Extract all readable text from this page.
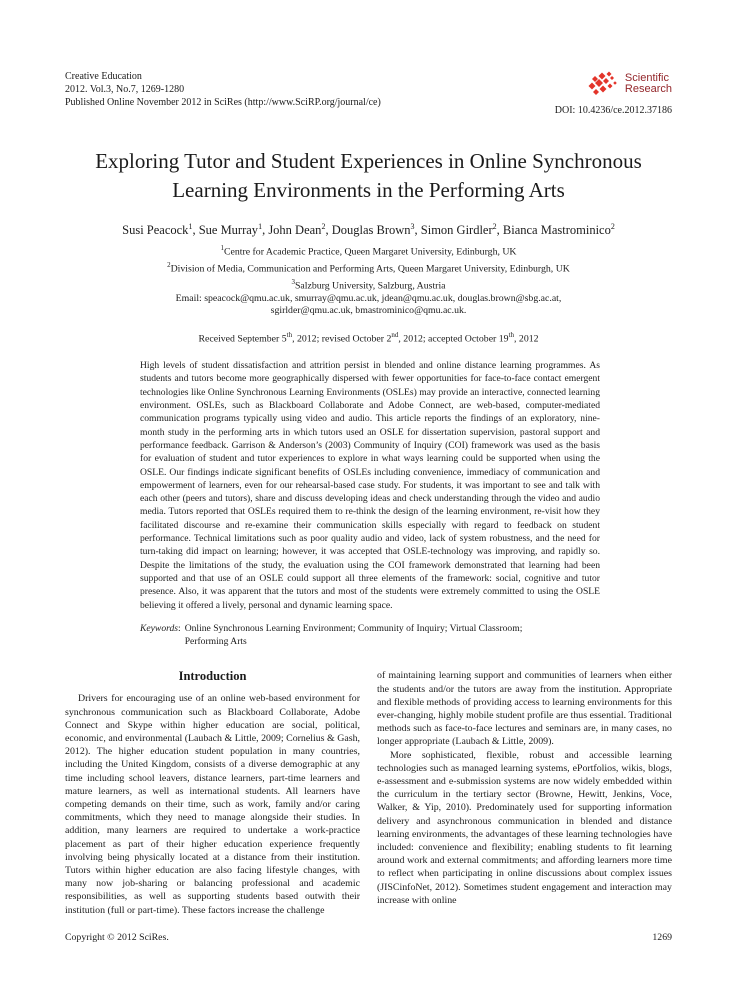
Creative Education
2012. Vol.3, No.7, 1269-1280
Published Online November 2012 in SciRes (http://www.SciRP.org/journal/ce)
Scientific
Research
DOI: 10.4236/ce.2012.37186
Exploring Tutor and Student Experiences in Online Synchronous
Learning Environments in the Performing Arts
Susi Peacock$^1$, Sue Murray$^1$, John Dean$^2$, Douglas Brown$^3$, Simon Girdler$^2$, Bianca Mastrominico$^2$
$^1$Centre for Academic Practice, Queen Margaret University, Edinburgh, UK
$^2$Division of Media, Communication and Performing Arts, Queen Margaret University, Edinburgh, UK
$^3$Salzburg University, Salzburg, Austria
Email: speacock@qmu.ac.uk, smurray@qmu.ac.uk, jdean@qmu.ac.uk, douglas.brown@sbg.ac.at,
sgirlder@qmu.ac.uk, bmastrominico@qmu.ac.uk.
Received September 5th, 2012; revised October 2nd, 2012; accepted October 19th, 2012
High levels of student dissatisfaction and attrition persist in blended and online distance learning programmes. As students and tutors become more geographically dispersed with fewer opportunities for face-to-face contact emergent technologies like Online Synchronous Learning Environments (OSLEs) may provide an interactive, connected learning environment. OSLEs, such as Blackboard Collaborate and Adobe Connect, are web-based, computer-mediated communication programs typically using video and audio. This article reports the findings of an exploratory, nine-month study in the performing arts in which tutors used an OSLE for dissertation supervision, pastoral support and performance feedback. Garrison & Anderson’s (2003) Community of Inquiry (COI) framework was used as the basis for evaluation of student and tutor experiences to explore in what ways learning could be supported when using the OSLE. Our findings indicate significant benefits of OSLEs including convenience, immediacy of communication and empowerment of learners, even for our rehearsal-based case study. For students, it was important to see and talk with each other (peers and tutors), share and discuss developing ideas and check understanding through the video and audio media. Tutors reported that OSLEs required them to re-think the design of the learning environment, re-visit how they facilitated discourse and re-examine their communication skills especially with regard to feedback on student performance. Technical limitations such as poor quality audio and video, lack of system robustness, and the need for turn-taking did impact on learning; however, it was accepted that OSLE-technology was improving, and rapidly so. Despite the limitations of the study, the evaluation using the COI framework demonstrated that learning had been supported and that use of an OSLE could support all three elements of the framework: social, cognitive and tutor presence. Also, it was apparent that the tutors and most of the students were extremely committed to using the OSLE believing it offered a lively, personal and dynamic learning space.
Keywords: Online Synchronous Learning Environment; Community of Inquiry; Virtual Classroom;
Performing Arts
Introduction

Drivers for encouraging use of an online web-based environment for synchronous communication such as Blackboard Collaborate, Adobe Connect and Skype within higher education are social, political, economic, and environmental (Laubach & Little, 2009; Cornelius & Gash, 2012). The higher education student population in many countries, including the United Kingdom, consists of a diverse demographic at any time including school leavers, distance learners, part-time learners and mature learners, as well as international students. All learners have competing demands on their time, such as work, family and/or caring commitments, which they need to manage alongside their studies. In addition, many learners are required to undertake a work-practice placement as part of their higher education experience frequently involving being physically located at a distance from their institution. Tutors within higher education are also facing lifestyle changes, with many now job-sharing or balancing professional and academic responsibilities, as well as supporting students based outwith their institution (full or part-time). These factors increase the challenge

of maintaining learning support and communities of learners when either the students and/or the tutors are away from the institution. Appropriate and flexible methods of providing access to learning environments for this ever-changing, highly mobile student profile are thus essential. Traditional methods such as face-to-face lectures and seminars are, in many cases, no longer appropriate (Laubach & Little, 2009).

More sophisticated, flexible, robust and accessible learning technologies such as managed learning systems, ePortfolios, wikis, blogs, e-assessment and e-submission systems are now widely embedded within the curriculum in the tertiary sector (Browne, Hewitt, Jenkins, Voce, Walker, & Yip, 2010). Predominately used for supporting information delivery and asynchronous communication in blended and distance learning environments, the advantages of these learning technologies have included: convenience and flexibility; enabling students to fit learning around work and external commitments; and affording learners more time to reflect when participating in online discussions about complex issues (JISCinfoNet, 2012). Sometimes student engagement and interaction may increase with online

Copyright © 2012 SciRes.	1269
